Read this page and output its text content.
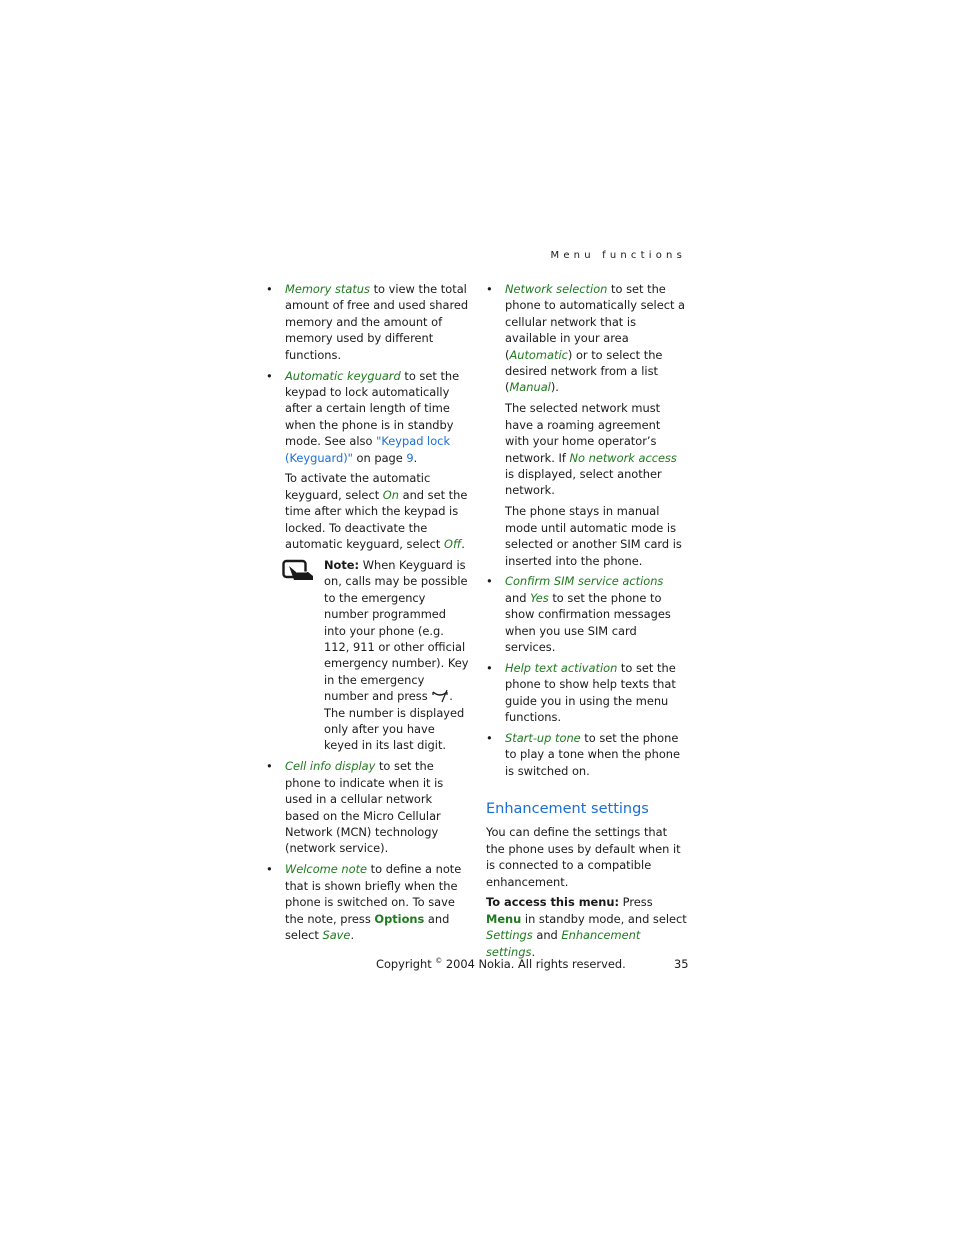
Menu functions
• Memory status to view the total amount of free and used shared memory and the amount of memory used by different functions.
• Automatic keyguard to set the keypad to lock automatically after a certain length of time when the phone is in standby mode. See also "Keypad lock (Keyguard)" on page 9.
To activate the automatic keyguard, select On and set the time after which the keypad is locked. To deactivate the automatic keyguard, select Off.
Note: When Keyguard is on, calls may be possible to the emergency number programmed into your phone (e.g. 112, 911 or other official emergency number). Key in the emergency number and press . The number is displayed only after you have keyed in its last digit.
• Cell info display to set the phone to indicate when it is used in a cellular network based on the Micro Cellular Network (MCN) technology (network service).
• Welcome note to define a note that is shown briefly when the phone is switched on. To save the note, press Options and select Save.
• Network selection to set the phone to automatically select a cellular network that is available in your area (Automatic) or to select the desired network from a list (Manual).
The selected network must have a roaming agreement with your home operator’s network. If No network access is displayed, select another network.
The phone stays in manual mode until automatic mode is selected or another SIM card is inserted into the phone.
• Confirm SIM service actions and Yes to set the phone to show confirmation messages when you use SIM card services.
• Help text activation to set the phone to show help texts that guide you in using the menu functions.
• Start-up tone to set the phone to play a tone when the phone is switched on.
Enhancement settings
You can define the settings that the phone uses by default when it is connected to a compatible enhancement.
To access this menu: Press Menu in standby mode, and select Settings and Enhancement settings.
Copyright © 2004 Nokia. All rights reserved.	35
